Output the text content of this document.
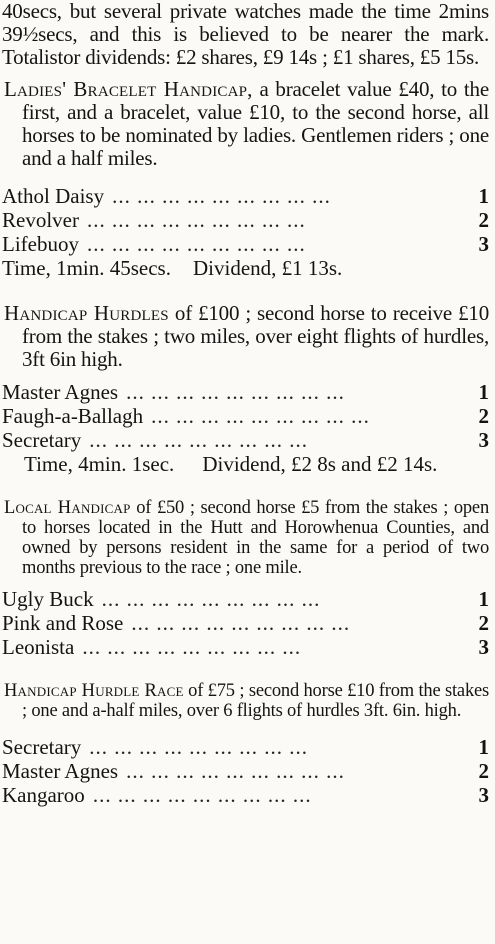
40secs, but several private watches made the time 2mins 39½secs, and this is believed to be nearer the mark. Totalistor dividends: £2 shares, £9 14s ; £1 shares, £5 15s.

Ladies' Bracelet Handicap, a bracelet value £40, to the first, and a bracelet, value £10, to the second horse, all horses to be nominated by ladies. Gentlemen riders ; one and a half miles.

Athol Daisy ... ... ... ... ... ... ... ... ...	1
Revolver ... ... ... ... ... ... ... ... ...	2
Lifebuoy ... ... ... ... ... ... ... ... ...	3
Time, 1min. 45secs. Dividend, £1 13s.

Handicap Hurdles of £100 ; second horse to receive £10 from the stakes ; two miles, over eight flights of hurdles, 3ft 6in high.

Master Agnes ... ... ... ... ... ... ... ... ...	1
Faugh-a-Ballagh ... ... ... ... ... ... ... ... ...	2
Secretary ... ... ... ... ... ... ... ... ...	3
Time, 4min. 1sec. Dividend, £2 8s and £2 14s.

Local Handicap of £50 ; second horse £5 from the stakes ; open to horses located in the Hutt and Horowhenua Counties, and owned by persons resident in the same for a period of two months previous to the race ; one mile.

Ugly Buck ... ... ... ... ... ... ... ... ...	1
Pink and Rose ... ... ... ... ... ... ... ... ...	2
Leonista ... ... ... ... ... ... ... ... ...	3

Handicap Hurdle Race of £75 ; second horse £10 from the stakes ; one and a-half miles, over 6 flights of hurdles 3ft. 6in. high.

Secretary ... ... ... ... ... ... ... ... ...	1
Master Agnes ... ... ... ... ... ... ... ... ...	2
Kangaroo ... ... ... ... ... ... ... ... ...	3
